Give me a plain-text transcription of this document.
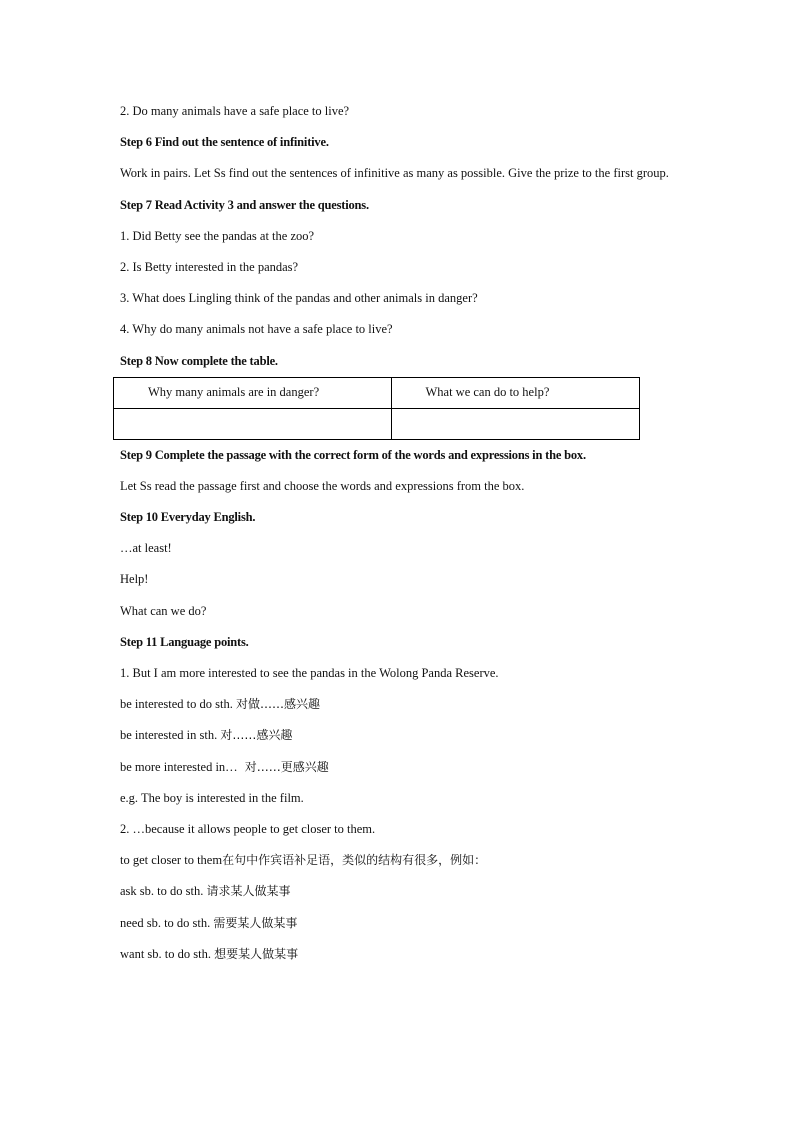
2. Do many animals have a safe place to live?
Step 6 Find out the sentence of infinitive.
Work in pairs. Let Ss find out the sentences of infinitive as many as possible. Give the prize to the first group.
Step 7 Read Activity 3 and answer the questions.
1. Did Betty see the pandas at the zoo?
2. Is Betty interested in the pandas?
3. What does Lingling think of the pandas and other animals in danger?
4. Why do many animals not have a safe place to live?
Step 8 Now complete the table.
Why many animals are in danger?	What we can do to help?

Step 9 Complete the passage with the correct form of the words and expressions in the box.
Let Ss read the passage first and choose the words and expressions from the box.
Step 10 Everyday English.
…at least!
Help!
What can we do?
Step 11 Language points.
1. But I am more interested to see the pandas in the Wolong Panda Reserve.
be interested to do sth. 对做……感兴趣
be interested in sth. 对……感兴趣
be more interested in… 对……更感兴趣
e.g. The boy is interested in the film.
2. …because it allows people to get closer to them.
to get closer to them在句中作宾语补足语，类似的结构有很多，例如：
ask sb. to do sth. 请求某人做某事
need sb. to do sth. 需要某人做某事
want sb. to do sth. 想要某人做某事
